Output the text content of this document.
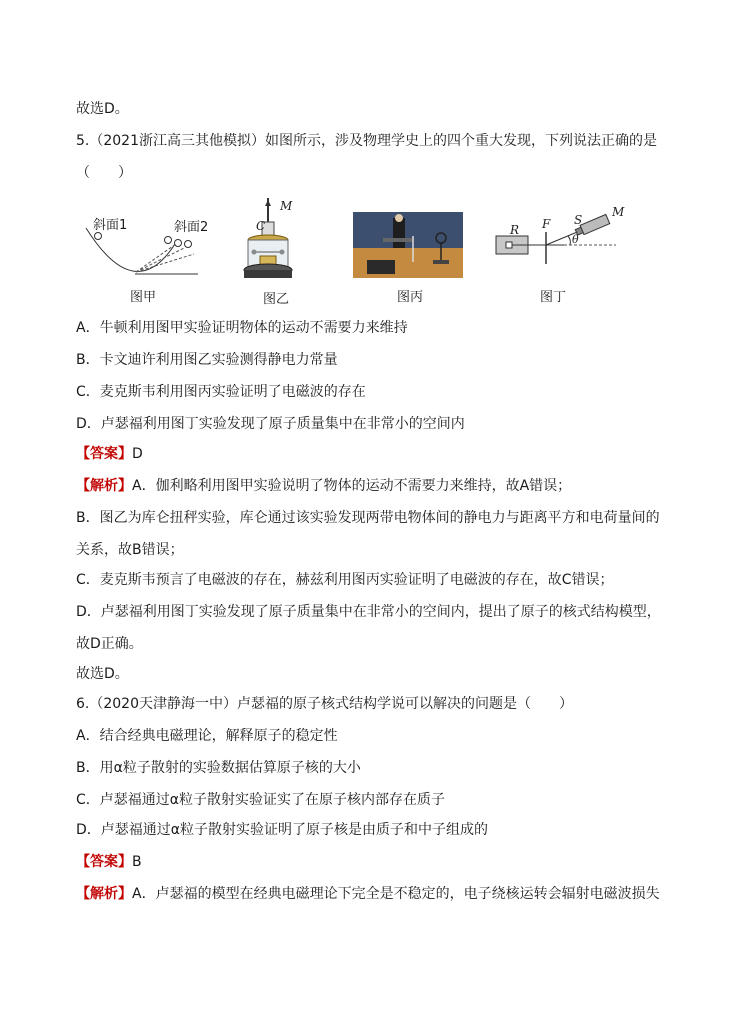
故选D。
5.（2021浙江高三其他模拟）如图所示，涉及物理学史上的四个重大发现，下列说法正确的是
（　　）
斜面1	斜面2
图甲
C
M
图乙	图丙
R F S
M
θ
图丁
A．牛顿利用图甲实验证明物体的运动不需要力来维持
B．卡文迪许利用图乙实验测得静电力常量
C．麦克斯韦利用图丙实验证明了电磁波的存在
D．卢瑟福利用图丁实验发现了原子质量集中在非常小的空间内
【答案】D
【解析】A．伽利略利用图甲实验说明了物体的运动不需要力来维持，故A错误；
B．图乙为库仑扭秤实验，库仑通过该实验发现两带电物体间的静电力与距离平方和电荷量间的
关系，故B错误；
C．麦克斯韦预言了电磁波的存在，赫兹利用图丙实验证明了电磁波的存在，故C错误；
D．卢瑟福利用图丁实验发现了原子质量集中在非常小的空间内，提出了原子的核式结构模型，
故D正确。
故选D。
6.（2020天津静海一中）卢瑟福的原子核式结构学说可以解决的问题是（　　）
A．结合经典电磁理论，解释原子的稳定性
B．用α粒子散射的实验数据估算原子核的大小
C．卢瑟福通过α粒子散射实验证实了在原子核内部存在质子
D．卢瑟福通过α粒子散射实验证明了原子核是由质子和中子组成的
【答案】B
【解析】A．卢瑟福的模型在经典电磁理论下完全是不稳定的，电子绕核运转会辐射电磁波损失
